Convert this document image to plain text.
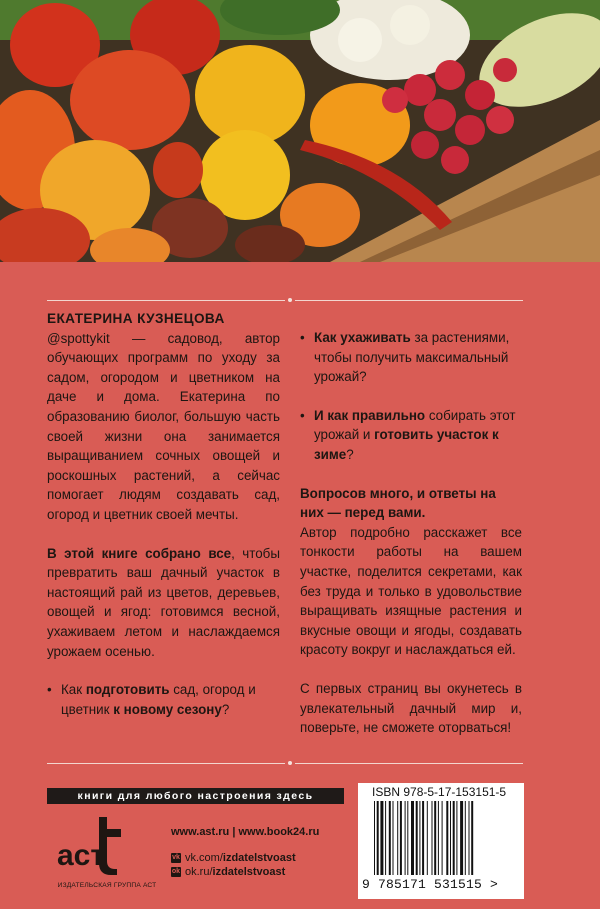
ЕКАТЕРИНА КУЗНЕЦОВА

@spottykit — садовод, автор обучающих программ по уходу за садом, огородом и цветником на даче и дома. Екатерина по образованию биолог, большую часть своей жизни она занимается выращиванием сочных овощей и роскошных растений, а сейчас помогает людям создавать сад, огород и цветник своей мечты.

В этой книге собрано все, чтобы превратить ваш дачный участок в настоящий рай из цветов, деревьев, овощей и ягод: готовимся весной, ухаживаем летом и наслаждаемся урожаем осенью.

• Как подготовить сад, огород и цветник к новому сезону?

• Как ухаживать за растениями, чтобы получить максимальный урожай?

• И как правильно собирать этот урожай и готовить участок к зиме?

Вопросов много, и ответы на них — перед вами.

Автор подробно расскажет все тонкости работы на вашем участке, поделится секретами, как без труда и только в удовольствие выращивать изящные растения и вкусные овощи и ягоды, создавать красоту вокруг и наслаждаться ей.

С первых страниц вы окунетесь в увлекательный дачный мир и, поверьте, не сможете оторваться!

книги для любого настроения здесь
аст
ИЗДАТЕЛЬСКАЯ ГРУППА АСТ
www.ast.ru | www.book24.ru
vk vk.com/ izdatelstvoast
ok ok.ru/ izdatelstvoast
ISBN 978-5-17-153151-5
9 785171 531515 >
